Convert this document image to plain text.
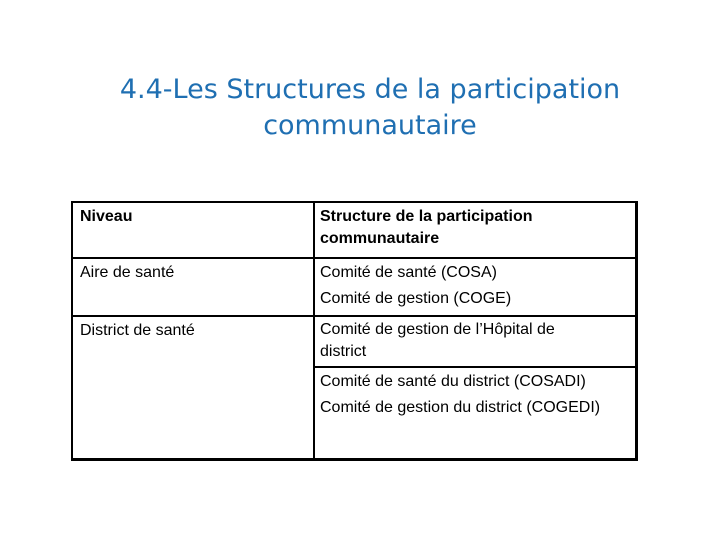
4.4-Les Structures de la participation
communautaire
Niveau	Structure de la participation
communautaire
Aire de santé	Comité de santé (COSA)
Comité de gestion (COGE)
District de santé	Comité de gestion de l’Hôpital de
district
Comité de santé du district (COSADI)
Comité de gestion du district (COGEDI)
